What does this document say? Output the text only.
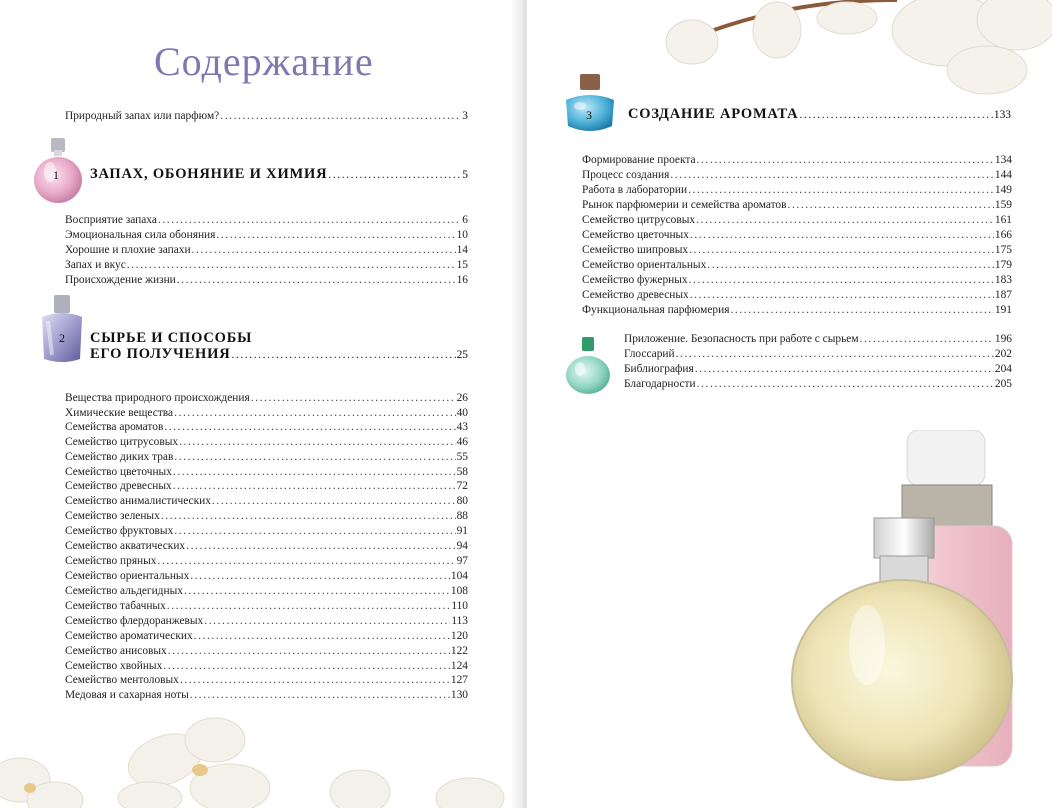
Содержание
Природный запах или парфюм? .....	3
1 ЗАПАХ, ОБОНЯНИЕ И ХИМИЯ .....	5
Восприятие запаха .....	6
Эмоциональная сила обоняния .....	10
Хорошие и плохие запахи .....	14
Запах и вкус .....	15
Происхождение жизни .....	16
2 СЫРЬЕ И СПОСОБЫ
ЕГО ПОЛУЧЕНИЯ .....	25
Вещества природного происхождения .....	26
Химические вещества .....	40
Семейства ароматов .....	43
Семейство цитрусовых .....	46
Семейство диких трав .....	55
Семейство цветочных .....	58
Семейство древесных .....	72
Семейство анималистических .....	80
Семейство зеленых .....	88
Семейство фруктовых .....	91
Семейство акватических .....	94
Семейство пряных .....	97
Семейство ориентальных .....	104
Семейство альдегидных .....	108
Семейство табачных .....	110
Семейство флердоранжевых .....	113
Семейство ароматических .....	120
Семейство анисовых .....	122
Семейство хвойных .....	124
Семейство ментоловых .....	127
Медовая и сахарная ноты .....	130
3 СОЗДАНИЕ АРОМАТА .....	133
Формирование проекта .....	134
Процесс создания .....	144
Работа в лаборатории .....	149
Рынок парфюмерии и семейства ароматов .....	159
Семейство цитрусовых .....	161
Семейство цветочных .....	166
Семейство шипровых .....	175
Семейство ориентальных .....	179
Семейство фужерных .....	183
Семейство древесных .....	187
Функциональная парфюмерия .....	191
Приложение. Безопасность при работе с сырьем .....	196
Глоссарий .....	202
Библиография .....	204
Благодарности .....	205
